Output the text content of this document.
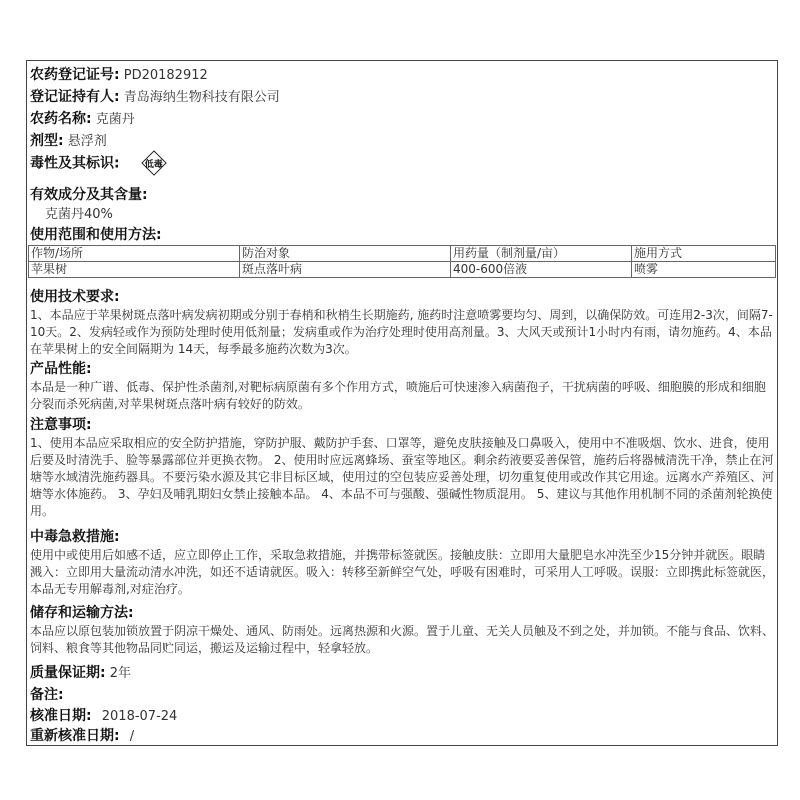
农药登记证号: PD20182912
登记证持有人: 青岛海纳生物科技有限公司
农药名称: 克菌丹
剂型: 悬浮剂
毒性及其标识:	低毒
有效成分及其含量:
克菌丹40%
使用范围和使用方法:
作物/场所	防治对象	用药量（制剂量/亩）	施用方式
苹果树	斑点落叶病	400-600倍液	喷雾
使用技术要求:
1、本品应于苹果树斑点落叶病发病初期或分别于春梢和秋梢生长期施药, 施药时注意喷雾要均匀、周到，以确保防效。可连用2-3次，间隔7-10天。2、发病轻或作为预防处理时使用低剂量；发病重或作为治疗处理时使用高剂量。3、大风天或预计1小时内有雨，请勿施药。4、本品在苹果树上的安全间隔期为 14天，每季最多施药次数为3次。
产品性能:
本品是一种广谱、低毒、保护性杀菌剂,对靶标病原菌有多个作用方式，喷施后可快速渗入病菌孢子，干扰病菌的呼吸、细胞膜的形成和细胞分裂而杀死病菌,对苹果树斑点落叶病有较好的防效。
注意事项:
1、使用本品应采取相应的安全防护措施，穿防护服、戴防护手套、口罩等，避免皮肤接触及口鼻吸入，使用中不准吸烟、饮水、进食，使用后要及时清洗手、脸等暴露部位并更换衣物。 2、使用时应远离蜂场、蚕室等地区。剩余药液要妥善保管，施药后将器械清洗干净，禁止在河塘等水域清洗施药器具。不要污染水源及其它非目标区域，使用过的空包装应妥善处理，切勿重复使用或改作其它用途。远离水产养殖区、河塘等水体施药。 3、孕妇及哺乳期妇女禁止接触本品。 4、本品不可与强酸、强碱性物质混用。 5、建议与其他作用机制不同的杀菌剂轮换使用。
中毒急救措施:
使用中或使用后如感不适，应立即停止工作，采取急救措施，并携带标签就医。接触皮肤：立即用大量肥皂水冲洗至少15分钟并就医。眼睛溅入：立即用大量流动清水冲洗，如还不适请就医。吸入：转移至新鲜空气处，呼吸有困难时，可采用人工呼吸。误服：立即携此标签就医，本品无专用解毒剂,对症治疗。
储存和运输方法:
本品应以原包装加锁放置于阴凉干燥处、通风、防雨处。远离热源和火源。置于儿童、无关人员触及不到之处，并加锁。不能与食品、饮料、饲料、粮食等其他物品同贮同运，搬运及运输过程中，轻拿轻放。
质量保证期: 2年
备注:
核准日期: 2018-07-24
重新核准日期: /
